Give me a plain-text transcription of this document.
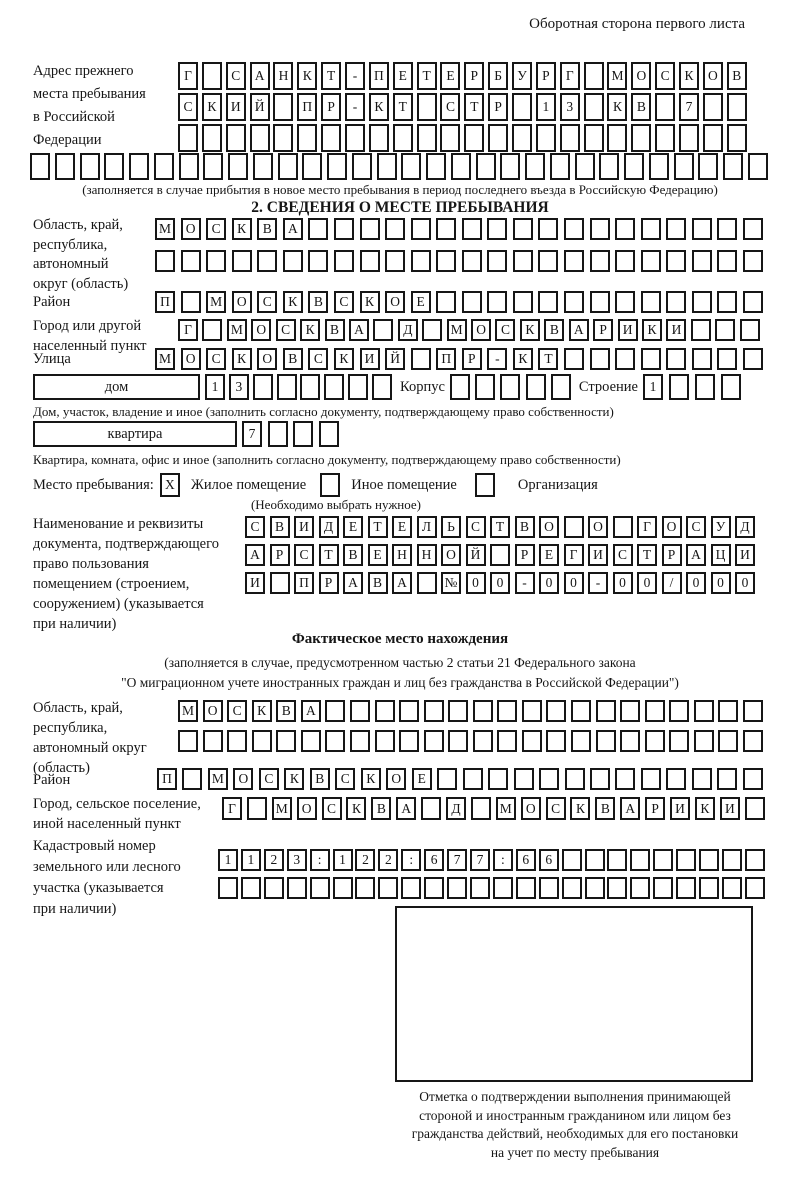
Оборотная сторона первого листа
Адрес прежнего
места пребывания
в Российской
Федерации
Г	С	А	Н	К	Т	-	П	Е	Т	Е	Р	Б	У	Р	Г	М О	С	К	О	В
С	К	И	Й	П	Р	-	К	Т	С	Т	Р	1	3	К	В	7
(заполняется в случае прибытия в новое место пребывания в период последнего въезда в Российскую Федерацию)
2. СВЕДЕНИЯ О МЕСТЕ ПРЕБЫВАНИЯ
Область, край,
республика,
автономный
округ (область)
М	О	С	К	В	А
Район	П	М	О	С	К	В	С	К	О	Е
Город или другой
населенный пункт
Г	М	О	С	К	В	А	Д	М	О	С	К	В	А	Р	И	К	И
Улица	М	О	С	К	О	В	С	К	И	Й	П	Р	-	К	Т
дом	1	3	Корпус	Строение 1
Дом, участок, владение и иное (заполнить согласно документу, подтверждающему право собственности)
квартира	7
Квартира, комната, офис и иное (заполнить согласно документу, подтверждающему право собственности)
Место пребывания: X	Жилое помещение	Иное помещение	Организация
(Необходимо выбрать нужное)
Наименование и реквизиты
документа, подтверждающего
право пользования
помещением (строением,
сооружением) (указывается
при наличии)
С	В	И	Д	Е	Т	Е	Л	Ь	С	Т	В	О	О	Г	О	С	У	Д
А	Р	С	Т	В	Е	Н	Н	О	Й	Р	Е	Г	И	С	Т	Р	А	Ц	И
И	П	Р	А	В	А	№	0	0	-	0	0	-	0	0	/	0	0	0
Фактическое место нахождения
(заполняется в случае, предусмотренном частью 2 статьи 21 Федерального закона
"О миграционном учете иностранных граждан и лиц без гражданства в Российской Федерации")
Область, край,
республика,
автономный округ
(область)
М	О	С	К	В	А
Район	П	М	О	С	К	В	С	К	О	Е
Город, сельское поселение,
иной населенный пункт
Г	М	О	С	К	В	А	Д	М	О	С	К	В	А	Р	И	К	И
Кадастровый номер
земельного или лесного
участка (указывается
при наличии)
1	1	2	3	:	1	2	2	:	6	7	7	:	6	6
Отметка о подтверждении выполнения принимающей
стороной и иностранным гражданином или лицом без
гражданства действий, необходимых для его постановки
на учет по месту пребывания
